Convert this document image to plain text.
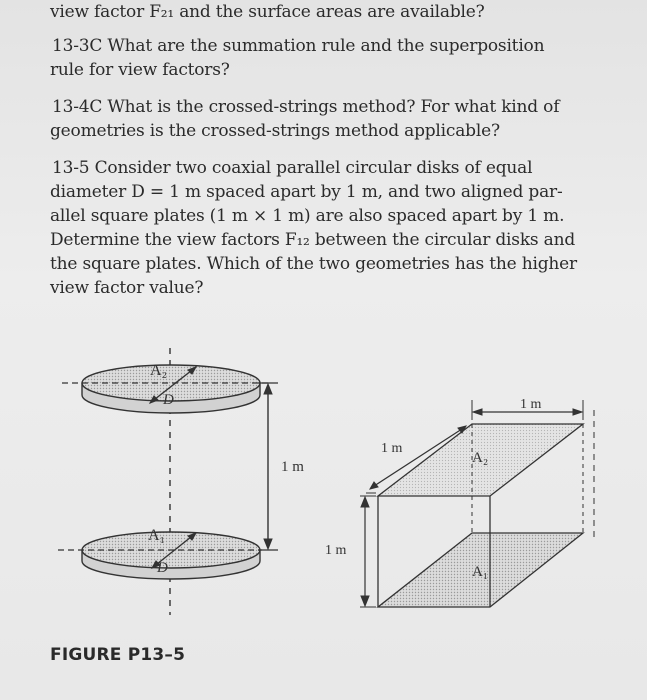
view factor F₂₁ and the surface areas are available?
13-3C What are the summation rule and the superposition
rule for view factors?
13-4C What is the crossed-strings method? For what kind of
geometries is the crossed-strings method applicable?
13-5 Consider two coaxial parallel circular disks of equal
diameter D = 1 m spaced apart by 1 m, and two aligned par-
allel square plates (1 m × 1 m) are also spaced apart by 1 m.
Determine the view factors F₁₂ between the circular disks and
the square plates. Which of the two geometries has the higher
view factor value?
A₂
D
A₁
D
1 m
1 m
1 m
1 m
A₂
A₁
FIGURE P13–5
